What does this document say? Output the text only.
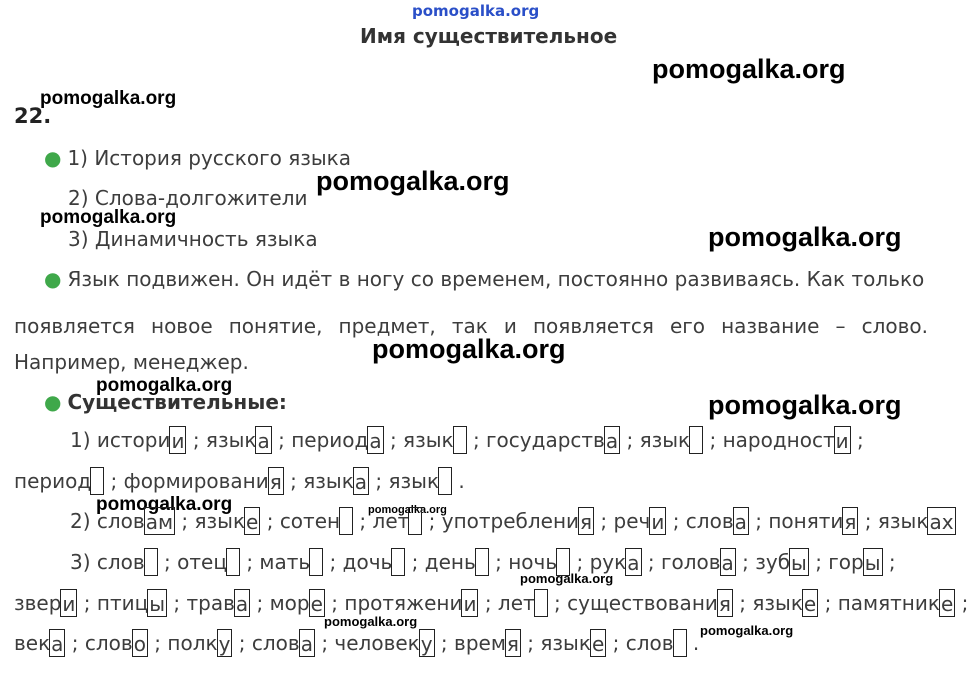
pomogalka.org
Имя существительное
22.
pomogalka.org
pomogalka.org
pomogalka.org
pomogalka.org
pomogalka.org
pomogalka.org
pomogalka.org
pomogalka.org
pomogalka.org	pomogalka.org
pomogalka.org
pomogalka.org
pomogalka.org
● 1) История русского языка
2) Слова-долгожители
3) Динамичность языка
● Язык подвижен. Он идёт в ногу со временем, постоянно развиваясь. Как только
появляется новое понятие, предмет, так и появляется его название – слово.
Например, менеджер.
● Существительные:
1) истори и ; язык а ; период а ; язык ; государств а ; язык ; народност и ;
период ; формировани я ; язык а ; язык .
2) слов ам ; язык е ; сотен ; лет ; употреблени я ; реч и ; слов а ; поняти я ; язык ах
3) слов ; отец ; мать ; дочь ; день ; ночь ; рук а ; голов а ; зуб ы ; гор ы ;
звер и ; птиц ы ; трав а ; мор е ; протяжени и ; лет ; существовани я ; язык е ; памятник е ;
век а ; слов о ; полк у ; слов а ; человек у ; врем я ; язык е ; слов .
